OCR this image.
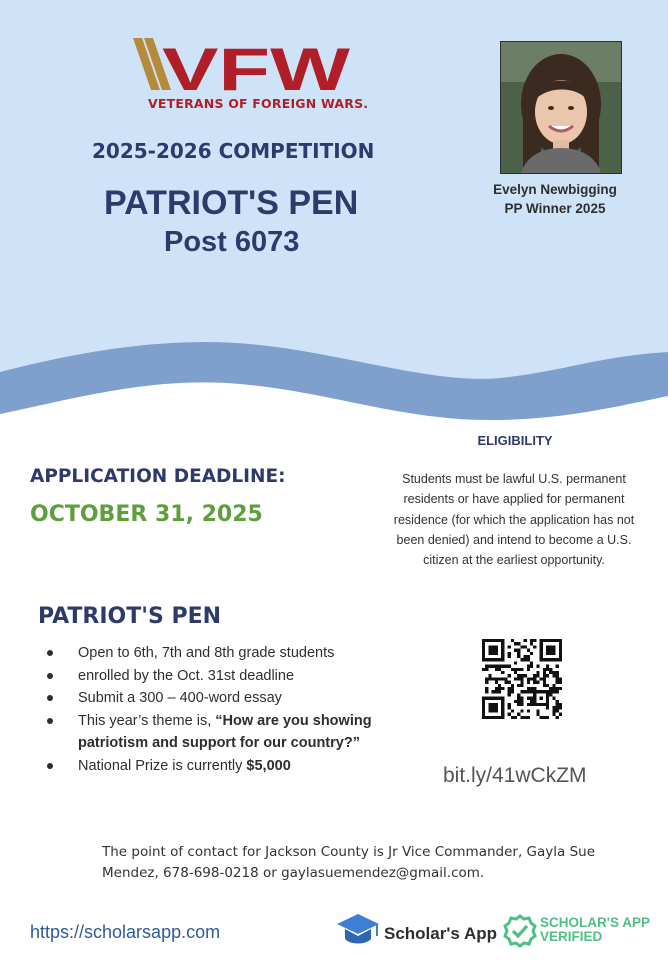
VFW
VETERANS OF FOREIGN WARS.
2025-2026 COMPETITION
PATRIOT'S PEN
Post 6073
Evelyn Newbigging
PP Winner 2025
ELIGIBILITY
Students must be lawful U.S. permanent
residents or have applied for permanent
residence (for which the application has not
been denied) and intend to become a U.S.
citizen at the earliest opportunity.
APPLICATION DEADLINE:
OCTOBER 31, 2025
PATRIOT'S PEN
Open to 6th, 7th and 8th grade students
enrolled by the Oct. 31st deadline
Submit a 300 – 400-word essay
This year’s theme is, “How are you showing patriotism and support for our country?”
National Prize is currently $5,000	bit.ly/41wCkZM
The point of contact for Jackson County is Jr Vice Commander, Gayla Sue Mendez, 678-698-0218 or gaylasuemendez@gmail.com.
https://scholarsapp.com	Scholar's App
SCHOLAR'S APP
VERIFIED
